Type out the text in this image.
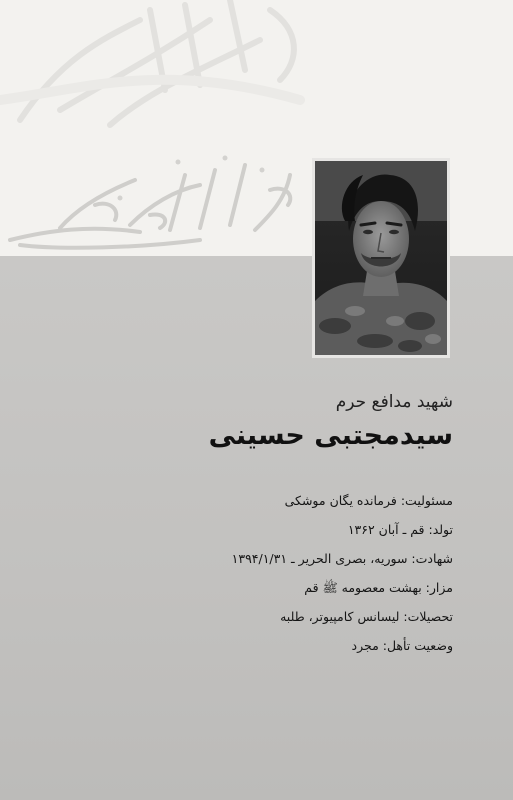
شهید مدافع حرم

سیدمجتبی حسینی

مسئولیت: فرمانده یگان موشکی
تولد: قم ـ آبان ۱۳۶۲
شهادت: سوریه، بصری الحریر ـ ۱۳۹۴/۱/۳۱
مزار: بهشت معصومه ﷺ قم
تحصیلات: لیسانس کامپیوتر، طلبه
وضعیت تأهل: مجرد
